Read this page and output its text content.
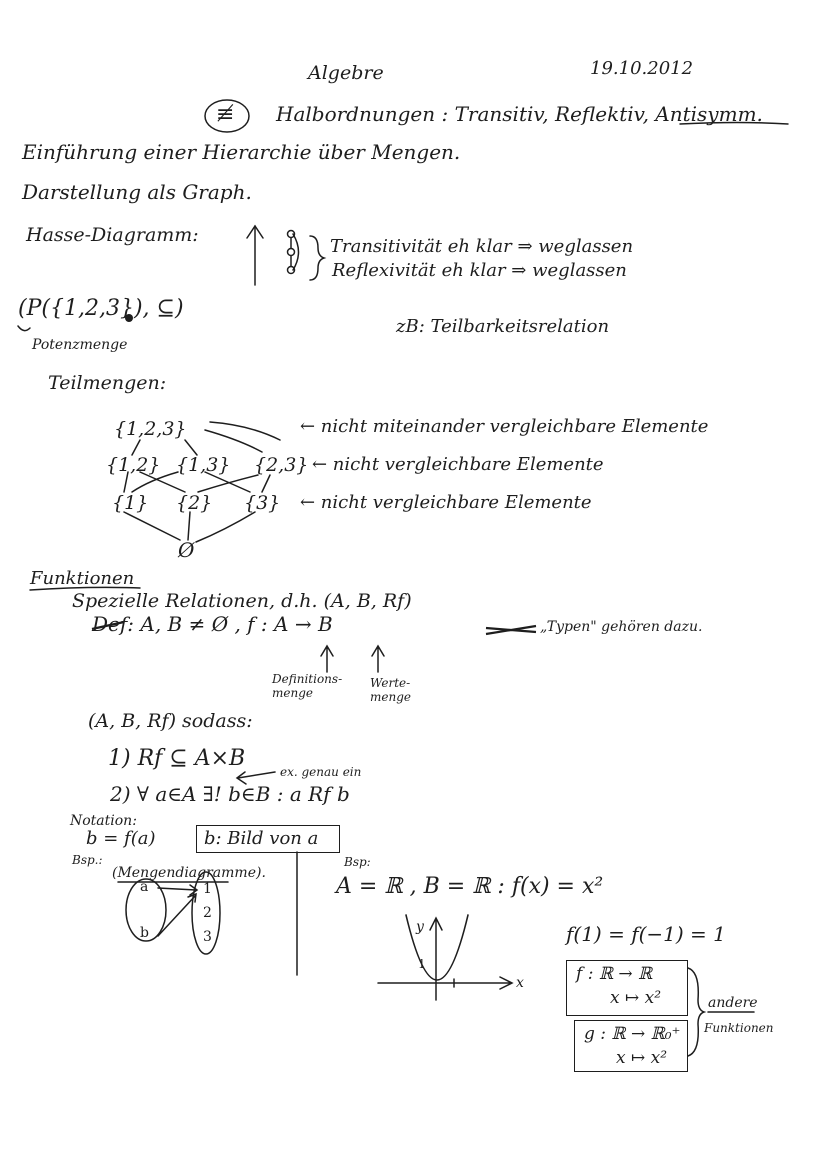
Algebre	19.10.2012
≢ Halbordnungen : Transitiv, Reflektiv, Antisymm.
Einführung einer Hierarchie über Mengen.
Darstellung als Graph.
Hasse-Diagramm:
Transitivität eh klar ⇒ weglassen
Reflexivität eh klar ⇒ weglassen
(P({1,2,3}), ⊆)
Potenzmenge
zB: Teilbarkeitsrelation
Teilmengen:
{1,2,3}
{1,2} {1,3} {2,3}
{1} {2} {3}
Ø
← nicht miteinander vergleichbare Elemente
← nicht vergleichbare Elemente
← nicht vergleichbare Elemente
Funktionen
Spezielle Relationen, d.h. (A, B, Rf)
Def: A, B ≠ Ø , f : A → B
Definitions-
menge
Werte-
menge
„Typen" gehören dazu.
(A, B, Rf) sodass:
1) Rf ⊆ A×B
ex. genau ein
2) ∀ a∈A ∃! b∈B : a Rf b
Notation:
b = f(a)	b: Bild von a
Bsp.:
(Mengendiagramme).
a
b
1
2
3
Bsp:
A = ℝ , B = ℝ : f(x) = x²
f(1) = f(−1) = 1
y
x
1	f : ℝ → ℝ
x ↦ x²
g : ℝ → ℝ₀⁺
x ↦ x²
andere
Funktionen
